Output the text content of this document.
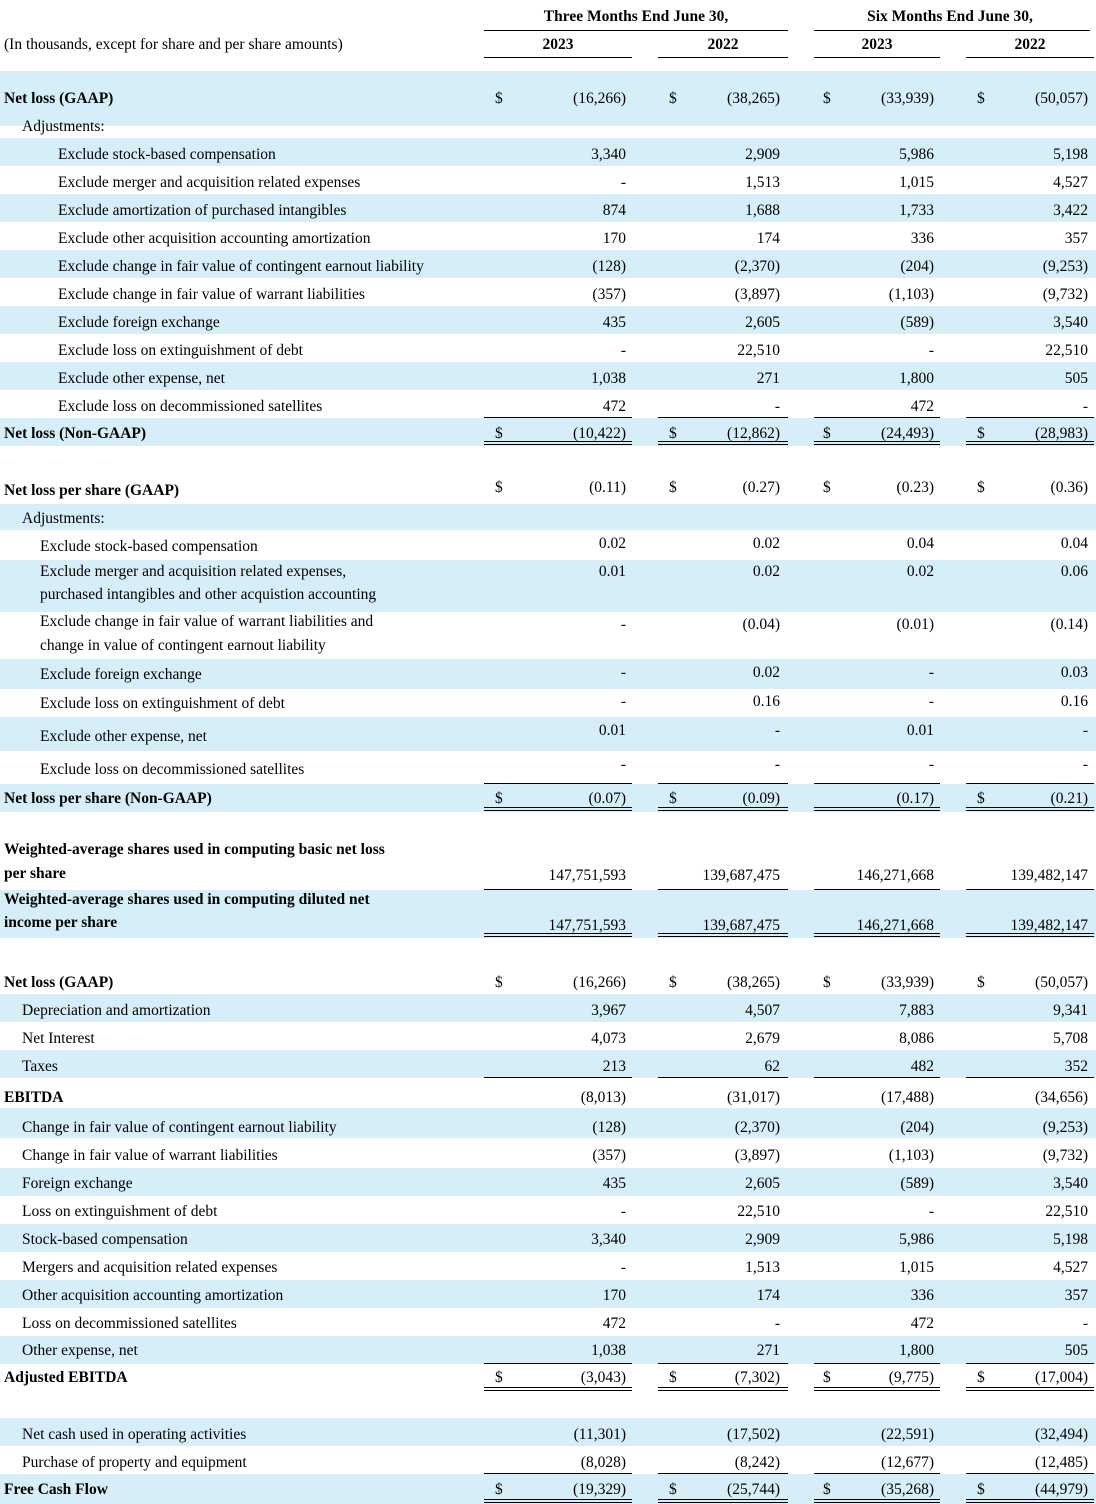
Three Months End June 30,	Six Months End June 30,
(In thousands, except for share and per share amounts)	2023	2022	2023	2022
Net loss (GAAP)	$	(16,266)	$	(38,265)	$	(33,939)	$	(50,057)
Adjustments:
Exclude stock-based compensation	3,340	2,909	5,986	5,198
Exclude merger and acquisition related expenses	-	1,513	1,015	4,527
Exclude amortization of purchased intangibles	874	1,688	1,733	3,422
Exclude other acquisition accounting amortization	170	174	336	357
Exclude change in fair value of contingent earnout liability	(128)	(2,370)	(204)	(9,253)
Exclude change in fair value of warrant liabilities	(357)	(3,897)	(1,103)	(9,732)
Exclude foreign exchange	435	2,605	(589)	3,540
Exclude loss on extinguishment of debt	-	22,510	-	22,510
Exclude other expense, net	1,038	271	1,800	505
Exclude loss on decommissioned satellites	472	-	472	-
Net loss (Non-GAAP)	$	(10,422)	$	(12,862)	$	(24,493)	$	(28,983)
Net loss per share (GAAP)	$	(0.11)	$	(0.27)	$	(0.23)	$	(0.36)
Adjustments:
Exclude stock-based compensation	0.02	0.02	0.04	0.04
Exclude merger and acquisition related expenses,
purchased intangibles and other acquistion accounting
0.01	0.02	0.02	0.06
Exclude change in fair value of warrant liabilities and
change in value of contingent earnout liability
-	(0.04)	(0.01)	(0.14)
Exclude foreign exchange	-	0.02	-	0.03
Exclude loss on extinguishment of debt	-	0.16	-	0.16
Exclude other expense, net	0.01	-	0.01	-
Exclude loss on decommissioned satellites	-	-	-	-
Net loss per share (Non-GAAP)	$	(0.07)	$	(0.09)	(0.17)	$	(0.21)
Weighted-average shares used in computing basic net loss
per share	147,751,593	139,687,475	146,271,668	139,482,147
Weighted-average shares used in computing diluted net
income per share	147,751,593	139,687,475	146,271,668	139,482,147
Net loss (GAAP)	$	(16,266)	$	(38,265)	$	(33,939)	$	(50,057)
Depreciation and amortization	3,967	4,507	7,883	9,341
Net Interest	4,073	2,679	8,086	5,708
Taxes	213	62	482	352
EBITDA	(8,013)	(31,017)	(17,488)	(34,656)
Change in fair value of contingent earnout liability	(128)	(2,370)	(204)	(9,253)
Change in fair value of warrant liabilities	(357)	(3,897)	(1,103)	(9,732)
Foreign exchange	435	2,605	(589)	3,540
Loss on extinguishment of debt	-	22,510	-	22,510
Stock-based compensation	3,340	2,909	5,986	5,198
Mergers and acquisition related expenses	-	1,513	1,015	4,527
Other acquisition accounting amortization	170	174	336	357
Loss on decommissioned satellites	472	-	472	-
Other expense, net	1,038	271	1,800	505
Adjusted EBITDA	$	(3,043)	$	(7,302)	$	(9,775)	$	(17,004)
Net cash used in operating activities	(11,301)	(17,502)	(22,591)	(32,494)
Purchase of property and equipment	(8,028)	(8,242)	(12,677)	(12,485)
Free Cash Flow	$	(19,329)	$	(25,744)	$	(35,268)	$	(44,979)
